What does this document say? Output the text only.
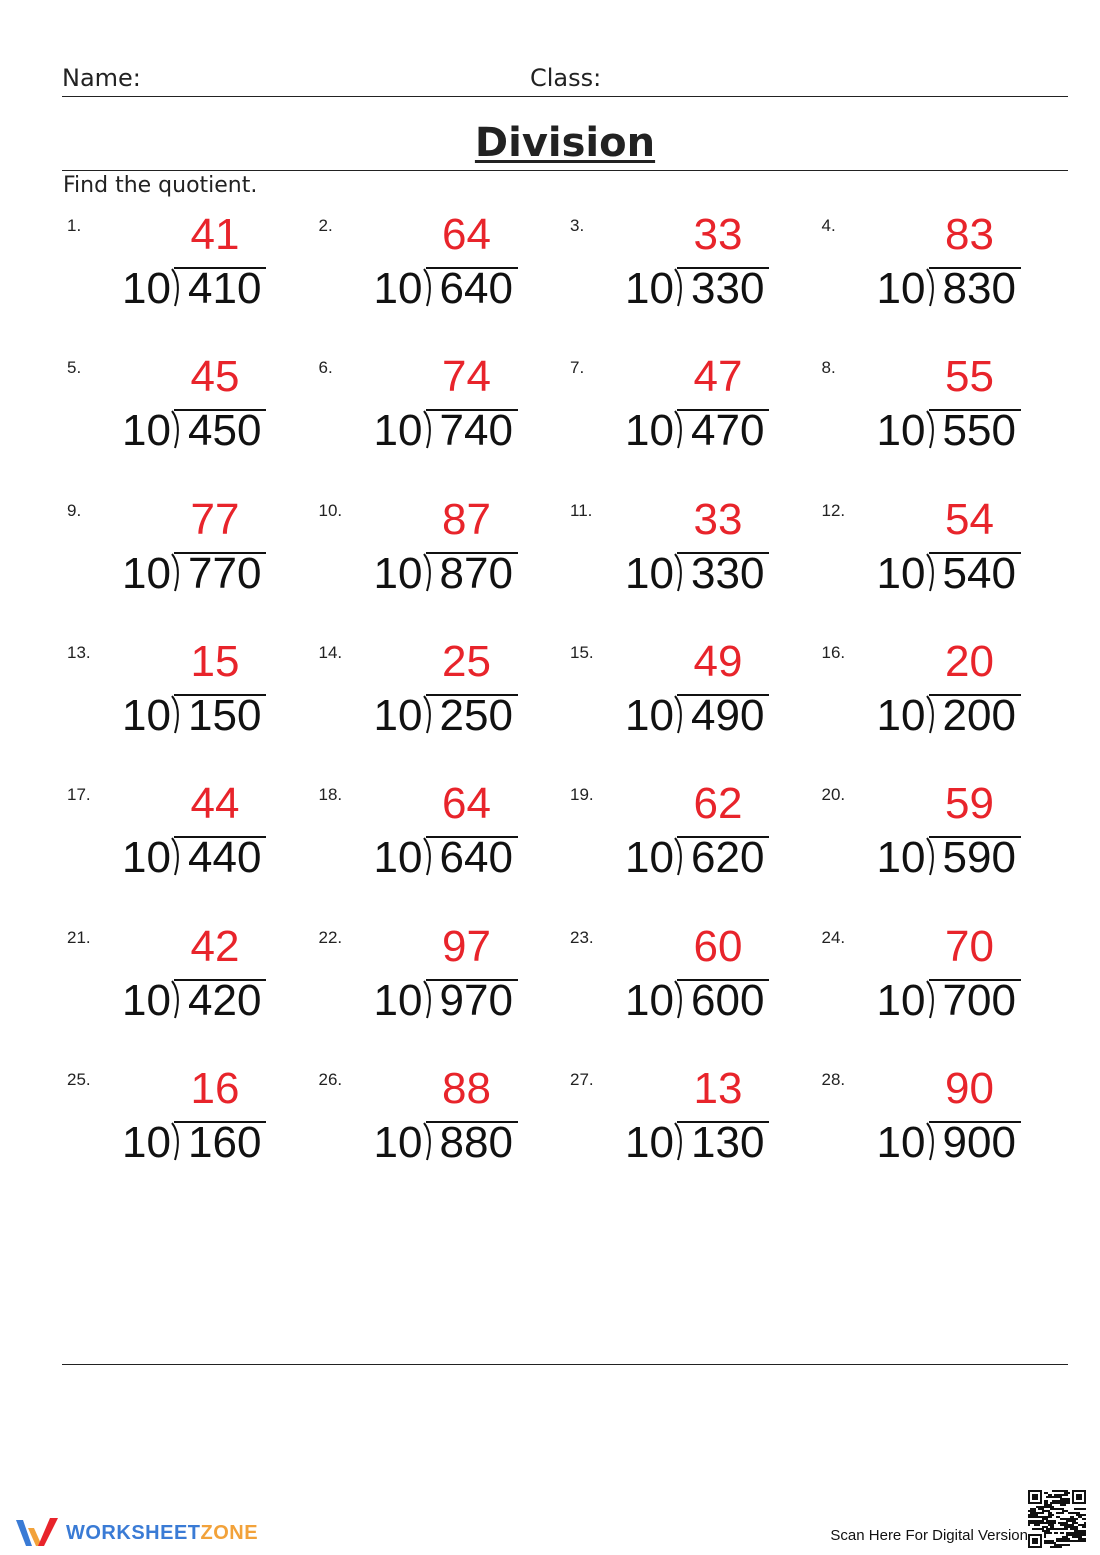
Name:	Class:
Division
Find the quotient.
1.	41
10 410
2.	64
10 640
3.	33
10 330
4.	83
10 830
5.	45
10 450
6.	74
10 740
7.	47
10 470
8.	55
10 550
9.	77
10 770
10.	87
10 870
11.	33
10 330
12.	54
10 540
13.	15
10 150
14.	25
10 250
15.	49
10 490
16.	20
10 200
17.	44
10 440
18.	64
10 640
19.	62
10 620
20.	59
10 590
21.	42
10 420
22.	97
10 970
23.	60
10 600
24.	70
10 700
25.	16
10 160
26.	88
10 880
27.	13
10 130
28.	90
10 900
WORKSHEETZONE	Scan Here For Digital Version
